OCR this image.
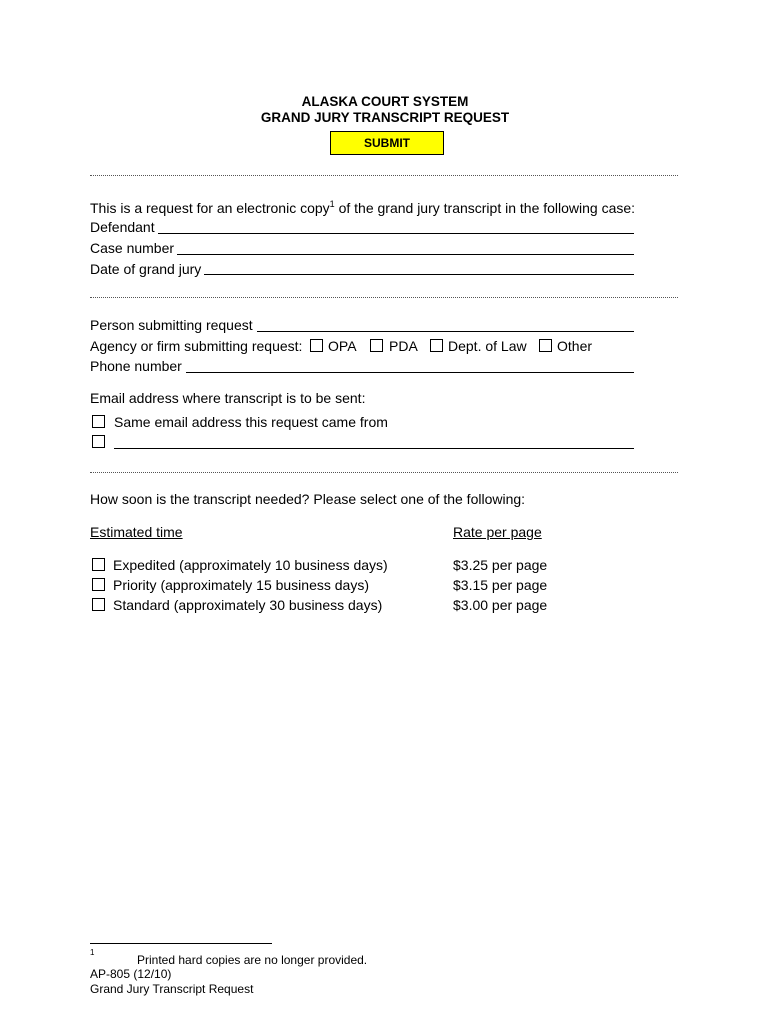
ALASKA COURT SYSTEM
GRAND JURY TRANSCRIPT REQUEST
SUBMIT
This is a request for an electronic copy$^1$ of the grand jury transcript in the following case:
Defendant
Case number
Date of grand jury
Person submitting request
Agency or firm submitting request: OPA PDA Dept. of Law Other
Phone number
Email address where transcript is to be sent:
Same email address this request came from
How soon is the transcript needed? Please select one of the following:
Estimated time	Rate per page
Expedited (approximately 10 business days)	$3.25 per page
Priority (approximately 15 business days)	$3.15 per page
Standard (approximately 30 business days)	$3.00 per page
1
Printed hard copies are no longer provided.
AP-805 (12/10)
Grand Jury Transcript Request
